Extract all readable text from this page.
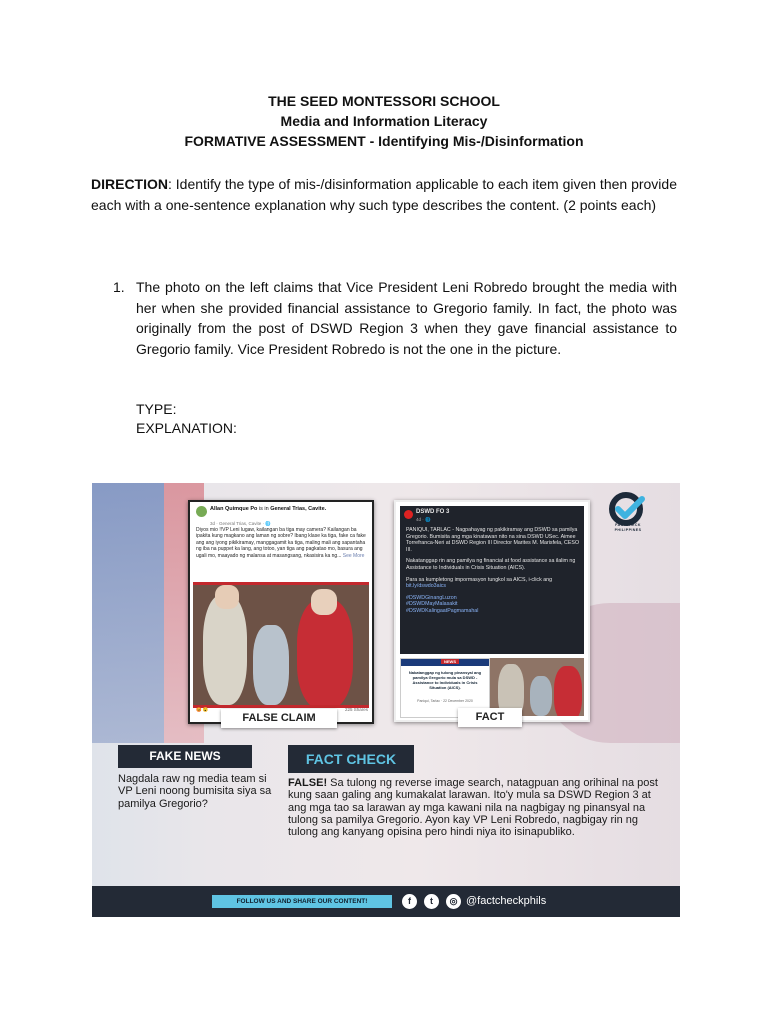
THE SEED MONTESSORI SCHOOL
Media and Information Literacy
FORMATIVE ASSESSMENT - Identifying Mis-/Disinformation
DIRECTION: Identify the type of mis-/disinformation applicable to each item given then provide each with a one-sentence explanation why such type describes the content. (2 points each)
1. The photo on the left claims that Vice President Leni Robredo brought the media with her when she provided financial assistance to Gregorio family. In fact, the photo was originally from the post of DSWD Region 3 when they gave financial assistance to Gregorio family. Vice President Robredo is not the one in the picture.
TYPE:
EXPLANATION:
Allan Quimque Po is in General Trias, Cavite.
3d · General Trias, Cavite · 🌐
Diyos mio !!VP Leni lugaw, kailangan ba tiga may camera? Kailangan ba ipakita kung magkano ang laman ng sobre? Ibang klase ka tiga, fake ca fake ang ang iyong pikikiramay, manggagamit ka tiga, maling mali ang sapantaha ng iba na puppet ka lang, ang totoo, yan tiga ang pagkatao mo, basura ang ugali mo, maayado ng malansa at masangsang, nkasisira ka ng... See More
😡 😮	225 Shares
FALSE CLAIM
DSWD FO 3
4d · 🌐
PANIQUI, TARLAC - Nagpahayag ng pakikiramay ang DSWD sa pamilya Gregorio. Bumisita ang mga kinatawan nito na sina DSWD USec. Aimee Torrefranca-Neri at DSWD Region III Director Marites M. Marisfela, CESO III.
Nakatanggap rin ang pamilya ng financial at food assistance sa ilalim ng Assistance to Individuals in Crisis Situation (AICS).
Para sa kumpletong impormasyon tungkol sa AICS, i-click ang bit.ly/dswdo3aics
#DSWDGinangLuzon
#DSWDMayMalasakit
#DSWDKalingaatPagmamahal
NEWS
Nakatanggap ng tulong pinansyal ang pamilya Gregorio mula sa DSWD - Assistance to Individuals in Crisis Situation (AICS).
Paniqui, Tarlac · 22 December 2020
FACT
FACTCHECK PHILIPPINES
FAKE NEWS
Nagdala raw ng media team si VP Leni noong bumisita siya sa pamilya Gregorio?
FACT CHECK
FALSE! Sa tulong ng reverse image search, natagpuan ang orihinal na post kung saan galing ang kumakalat larawan. Ito'y mula sa DSWD Region 3 at ang mga tao sa larawan ay mga kawani nila na nagbigay ng pinansyal na tulong sa pamilya Gregorio. Ayon kay VP Leni Robredo, nagbigay rin ng tulong ang kanyang opisina pero hindi niya ito isinapubliko.
FOLLOW US AND SHARE OUR CONTENT!	f	t	◎ @factcheckphils
